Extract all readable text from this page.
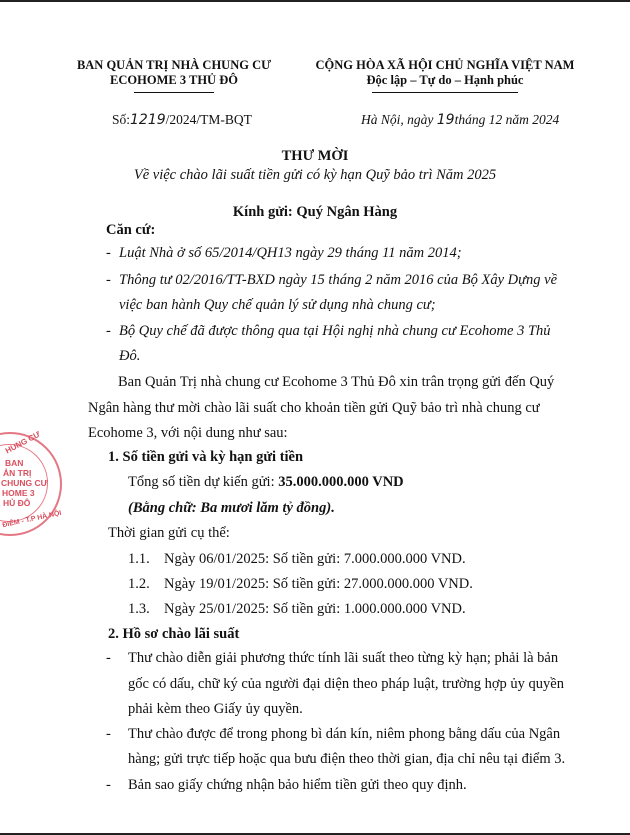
BAN QUẢN TRỊ NHÀ CHUNG CƯ
ECOHOME 3 THỦ ĐÔ
CỘNG HÒA XÃ HỘI CHỦ NGHĨA VIỆT NAM
Độc lập – Tự do – Hạnh phúc
Số:1219/2024/TM-BQT	Hà Nội, ngày 19tháng 12 năm 2024
THƯ MỜI
Về việc chào lãi suất tiền gửi có kỳ hạn Quỹ bảo trì Năm 2025
Kính gửi: Quý Ngân Hàng
Căn cứ:
- Luật Nhà ở số 65/2014/QH13 ngày 29 tháng 11 năm 2014;
- Thông tư 02/2016/TT-BXD ngày 15 tháng 2 năm 2016 của Bộ Xây Dựng về
việc ban hành Quy chế quản lý sử dụng nhà chung cư;
- Bộ Quy chế đã được thông qua tại Hội nghị nhà chung cư Ecohome 3 Thủ
Đô.
Ban Quản Trị nhà chung cư Ecohome 3 Thủ Đô xin trân trọng gửi đến Quý
Ngân hàng thư mời chào lãi suất cho khoản tiền gửi Quỹ bảo trì nhà chung cư
Ecohome 3, với nội dung như sau:
1. Số tiền gửi và kỳ hạn gửi tiền
Tổng số tiền dự kiến gửi: 35.000.000.000 VND
(Bằng chữ: Ba mươi lăm tỷ đồng).
Thời gian gửi cụ thể:
1.1. Ngày 06/01/2025: Số tiền gửi: 7.000.000.000 VND.
1.2. Ngày 19/01/2025: Số tiền gửi: 27.000.000.000 VND.
1.3. Ngày 25/01/2025: Số tiền gửi: 1.000.000.000 VND.
2. Hồ sơ chào lãi suất
- Thư chào diễn giải phương thức tính lãi suất theo từng kỳ hạn; phải là bản
gốc có dấu, chữ ký của người đại diện theo pháp luật, trường hợp ủy quyền
phải kèm theo Giấy ủy quyền.
- Thư chào được để trong phong bì dán kín, niêm phong bằng dấu của Ngân
hàng; gửi trực tiếp hoặc qua bưu điện theo thời gian, địa chỉ nêu tại điểm 3.
- Bản sao giấy chứng nhận bảo hiểm tiền gửi theo quy định.
HUNG CƯ
BAN
ẢN TRỊ
CHUNG CƯ
HOME 3
HỦ ĐÔ
ĐIỂM - T.P HÀ NỘI
